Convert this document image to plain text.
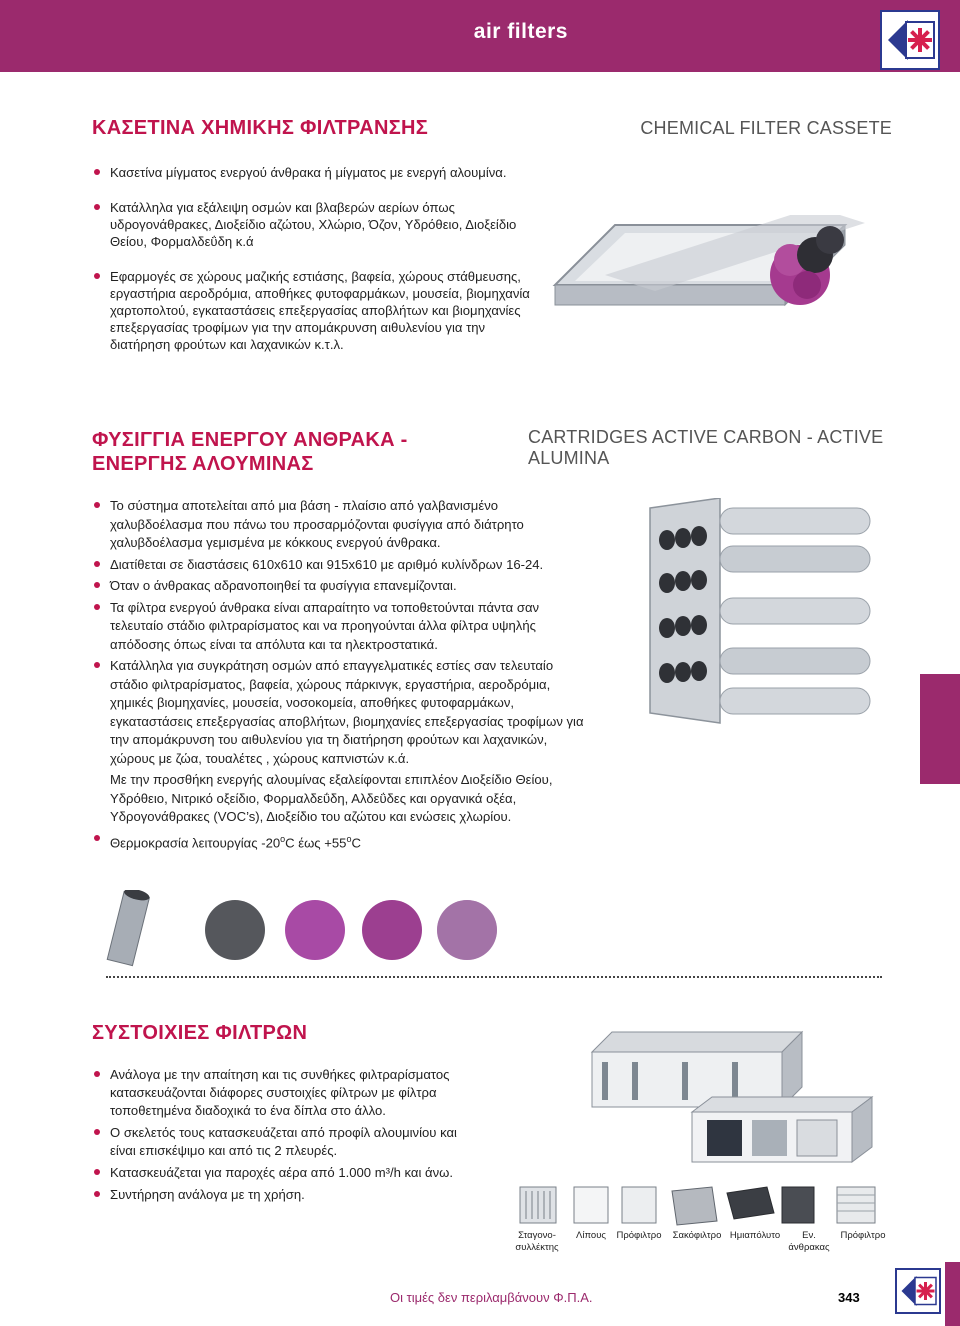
air filters
ΚΑΣΕΤΙΝΑ ΧΗΜΙΚΗΣ ΦΙΛΤΡΑΝΣΗΣ	CHEMICAL FILTER CASSETE
Κασετίνα μίγματος ενεργού άνθρακα ή μίγματος με ενεργή αλουμίνα.
Κατάλληλα για εξάλειψη οσμών και βλαβερών αερίων όπως υδρογονάθρακες, Διοξείδιο αζώτου, Χλώριο, Όζον, Υδρόθειο, Διοξείδιο Θείου, Φορμαλδεΰδη κ.ά
Εφαρμογές σε χώρους μαζικής εστιάσης, βαφεία, χώρους στάθμευσης, εργαστήρια αεροδρόμια, αποθήκες φυτοφαρμάκων, μουσεία, βιομηχανία χαρτοπολτού, εγκαταστάσεις επεξεργασίας αποβλήτων και βιομηχανίες επεξεργασίας τροφίμων για την απομάκρυνση αιθυλενίου για την διατήρηση φρούτων και λαχανικών κ.τ.λ.
ΦΥΣΙΓΓΙΑ ΕΝΕΡΓΟΥ ΑΝΘΡΑΚΑ -
ΕΝΕΡΓΗΣ ΑΛΟΥΜΙΝΑΣ
CARTRIDGES ACTIVE CARBON - ACTIVE ALUMINA
Το σύστημα αποτελείται από μια βάση - πλαίσιο από γαλβανισμένο χαλυβδοέλασμα που πάνω του προσαρμόζονται φυσίγγια από διάτρητο χαλυβδοέλασμα γεμισμένα με κόκκους ενεργού άνθρακα.
Διατίθεται σε διαστάσεις 610x610 και 915x610 με αριθμό κυλίνδρων 16-24.
Όταν ο άνθρακας αδρανοποιηθεί τα φυσίγγια επανεμίζονται.
Τα φίλτρα ενεργού άνθρακα είναι απαραίτητο να τοποθετούνται πάντα σαν τελευταίο στάδιο φιλτραρίσματος και να προηγούνται άλλα φίλτρα υψηλής απόδοσης όπως είναι τα απόλυτα και τα ηλεκτροστατικά.
Κατάλληλα για συγκράτηση οσμών από επαγγελματικές εστίες σαν τελευταίο στάδιο φιλτραρίσματος, βαφεία, χώρους πάρκινγκ, εργαστήρια, αεροδρόμια, χημικές βιομηχανίες, μουσεία, νοσοκομεία, αποθήκες φυτοφαρμάκων, εγκαταστάσεις επεξεργασίας αποβλήτων, βιομηχανίες επεξεργασίας τροφίμων για την απομάκρυνση του αιθυλενίου για τη διατήρηση φρούτων και λαχανικών, χώρους με ζώα, τουαλέτες , χώρους καπνιστών κ.ά.
Με την προσθήκη ενεργής αλουμίνας εξαλείφονται επιπλέον Διοξείδιο Θείου, Υδρόθειο, Νιτρικό οξείδιο, Φορμαλδεΰδη, Αλδεΰδες και οργανικά οξέα, Υδρογονάθρακες (VOC’s), Διοξείδιο του αζώτου και ενώσεις χλωρίου.
Θερμοκρασία λειτουργίας -20$^o$C $έ\omega\varsigma +55^oC$
ΣΥΣΤΟΙΧΙΕΣ ΦΙΛΤΡΩΝ
Ανάλογα με την απαίτηση και τις συνθήκες φιλτραρίσματος κατασκευάζονται διάφορες συστοιχίες φίλτρων με φίλτρα τοποθετημένα διαδοχικά το ένα δίπλα στο άλλο.
Ο σκελετός τους κατασκευάζεται από προφίλ αλουμινίου και είναι επισκέψιμο και από τις 2 πλευρές.
Κατασκευάζεται για παροχές αέρα από 1.000 m³/h και άνω.
Συντήρηση ανάλογα με τη χρήση.
Σταγονο- συλλέκτης
Λίπους	Πρόφιλτρο	Σακόφιλτρο Ημιαπόλυτο	Εν. άνθρακας
Πρόφιλτρο
Οι τιμές δεν περιλαμβάνουν Φ.Π.Α.	343
